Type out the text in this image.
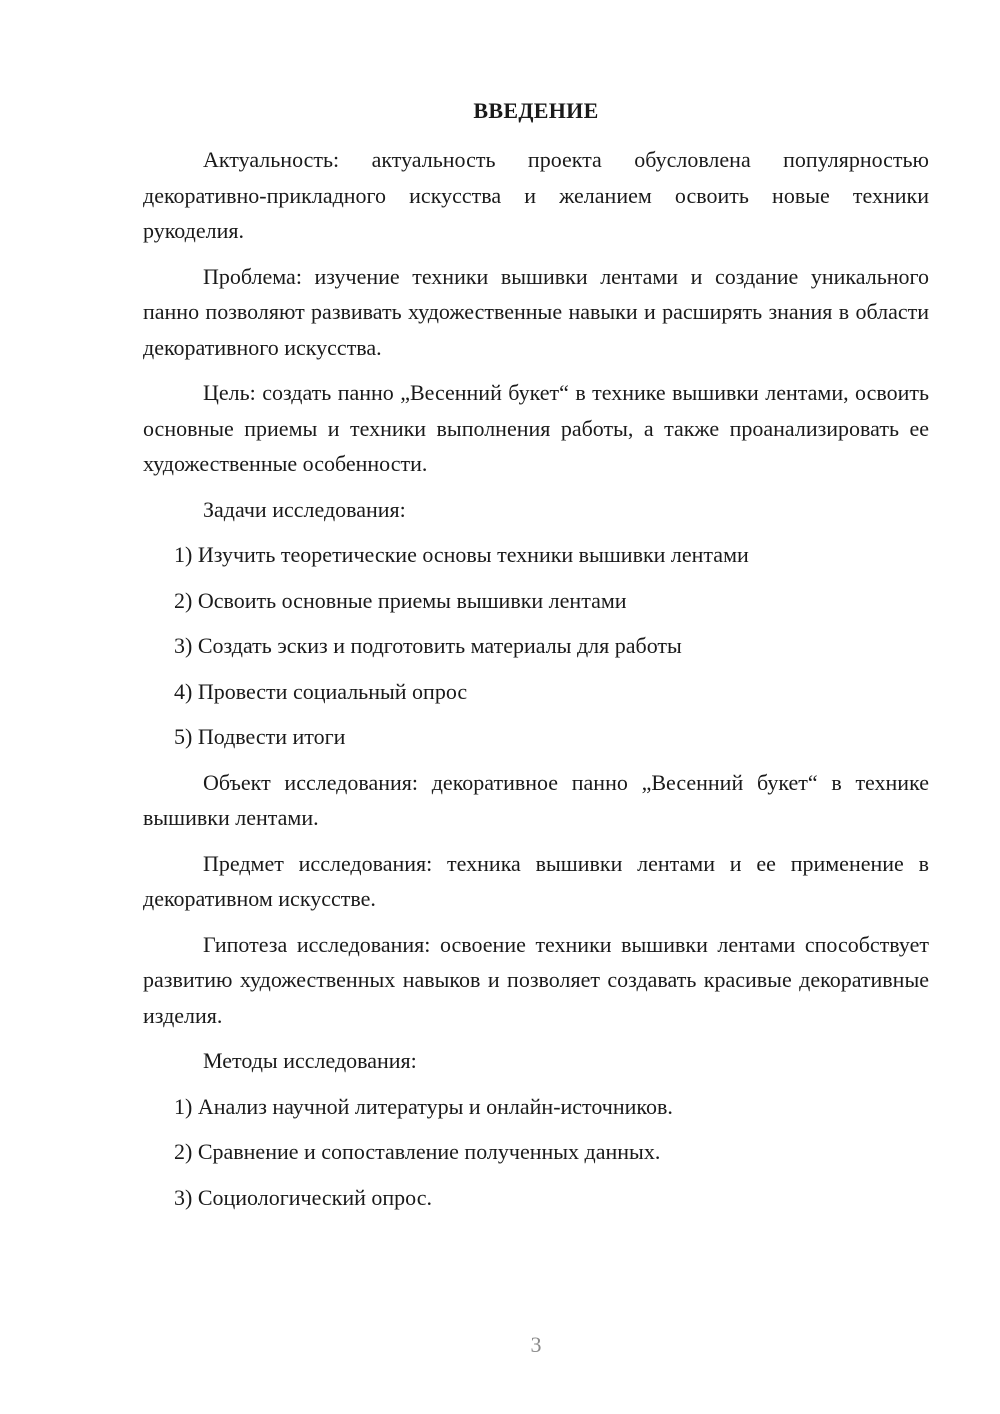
ВВЕДЕНИЕ

Актуальность: актуальность проекта обусловлена популярностью декоративно-прикладного искусства и желанием освоить новые техники рукоделия.

Проблема: изучение техники вышивки лентами и создание уникального панно позволяют развивать художественные навыки и расширять знания в области декоративного искусства.

Цель: создать панно „Весенний букет“ в технике вышивки лентами, освоить основные приемы и техники выполнения работы, а также проанализировать ее художественные особенности.

Задачи исследования:

1) Изучить теоретические основы техники вышивки лентами

2) Освоить основные приемы вышивки лентами

3) Создать эскиз и подготовить материалы для работы

4) Провести социальный опрос

5) Подвести итоги

Объект исследования: декоративное панно „Весенний букет“ в технике вышивки лентами.

Предмет исследования: техника вышивки лентами и ее применение в декоративном искусстве.

Гипотеза исследования: освоение техники вышивки лентами способствует развитию художественных навыков и позволяет создавать красивые декоративные изделия.

Методы исследования:

1) Анализ научной литературы и онлайн-источников.

2) Сравнение и сопоставление полученных данных.

3) Социологический опрос.

3
